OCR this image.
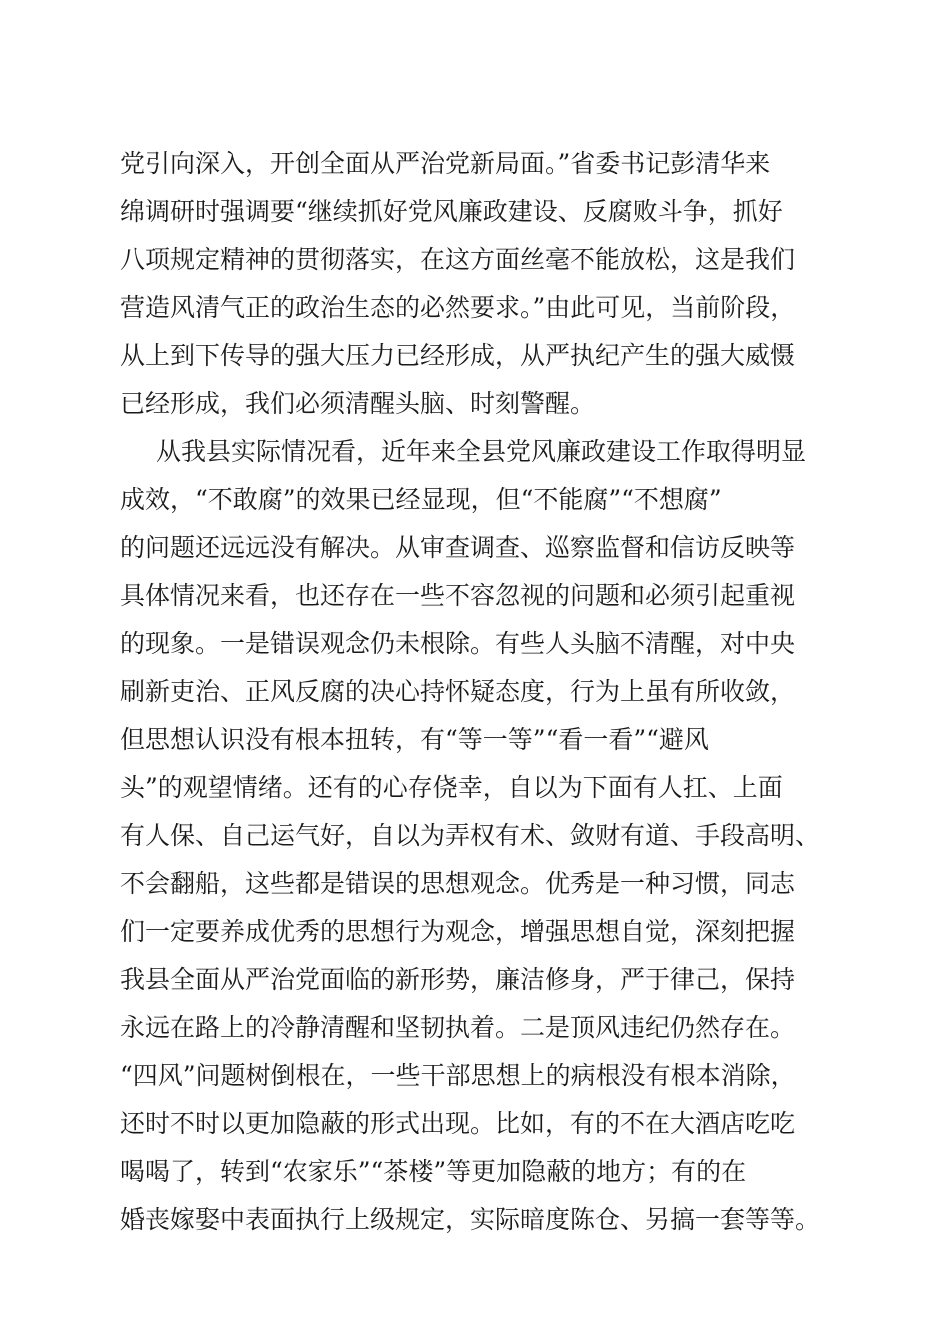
党引向深入，开创全面从严治党新局面。”省委书记彭清华来
绵调研时强调要“继续抓好党风廉政建设、反腐败斗争，抓好
八项规定精神的贯彻落实，在这方面丝毫不能放松，这是我们
营造风清气正的政治生态的必然要求。”由此可见，当前阶段，
从上到下传导的强大压力已经形成，从严执纪产生的强大威慑
已经形成，我们必须清醒头脑、时刻警醒。
从我县实际情况看，近年来全县党风廉政建设工作取得明显
成效，“不敢腐”的效果已经显现，但“不能腐”“不想腐”
的问题还远远没有解决。从审查调查、巡察监督和信访反映等
具体情况来看，也还存在一些不容忽视的问题和必须引起重视
的现象。一是错误观念仍未根除。有些人头脑不清醒，对中央
刷新吏治、正风反腐的决心持怀疑态度，行为上虽有所收敛，
但思想认识没有根本扭转，有“等一等”“看一看”“避风
头”的观望情绪。还有的心存侥幸，自以为下面有人扛、上面
有人保、自己运气好，自以为弄权有术、敛财有道、手段高明、
不会翻船，这些都是错误的思想观念。优秀是一种习惯，同志
们一定要养成优秀的思想行为观念，增强思想自觉，深刻把握
我县全面从严治党面临的新形势，廉洁修身，严于律己，保持
永远在路上的冷静清醒和坚韧执着。二是顶风违纪仍然存在。
“四风”问题树倒根在，一些干部思想上的病根没有根本消除，
还时不时以更加隐蔽的形式出现。比如，有的不在大酒店吃吃
喝喝了，转到“农家乐”“茶楼”等更加隐蔽的地方；有的在
婚丧嫁娶中表面执行上级规定，实际暗度陈仓、另搞一套等等。
